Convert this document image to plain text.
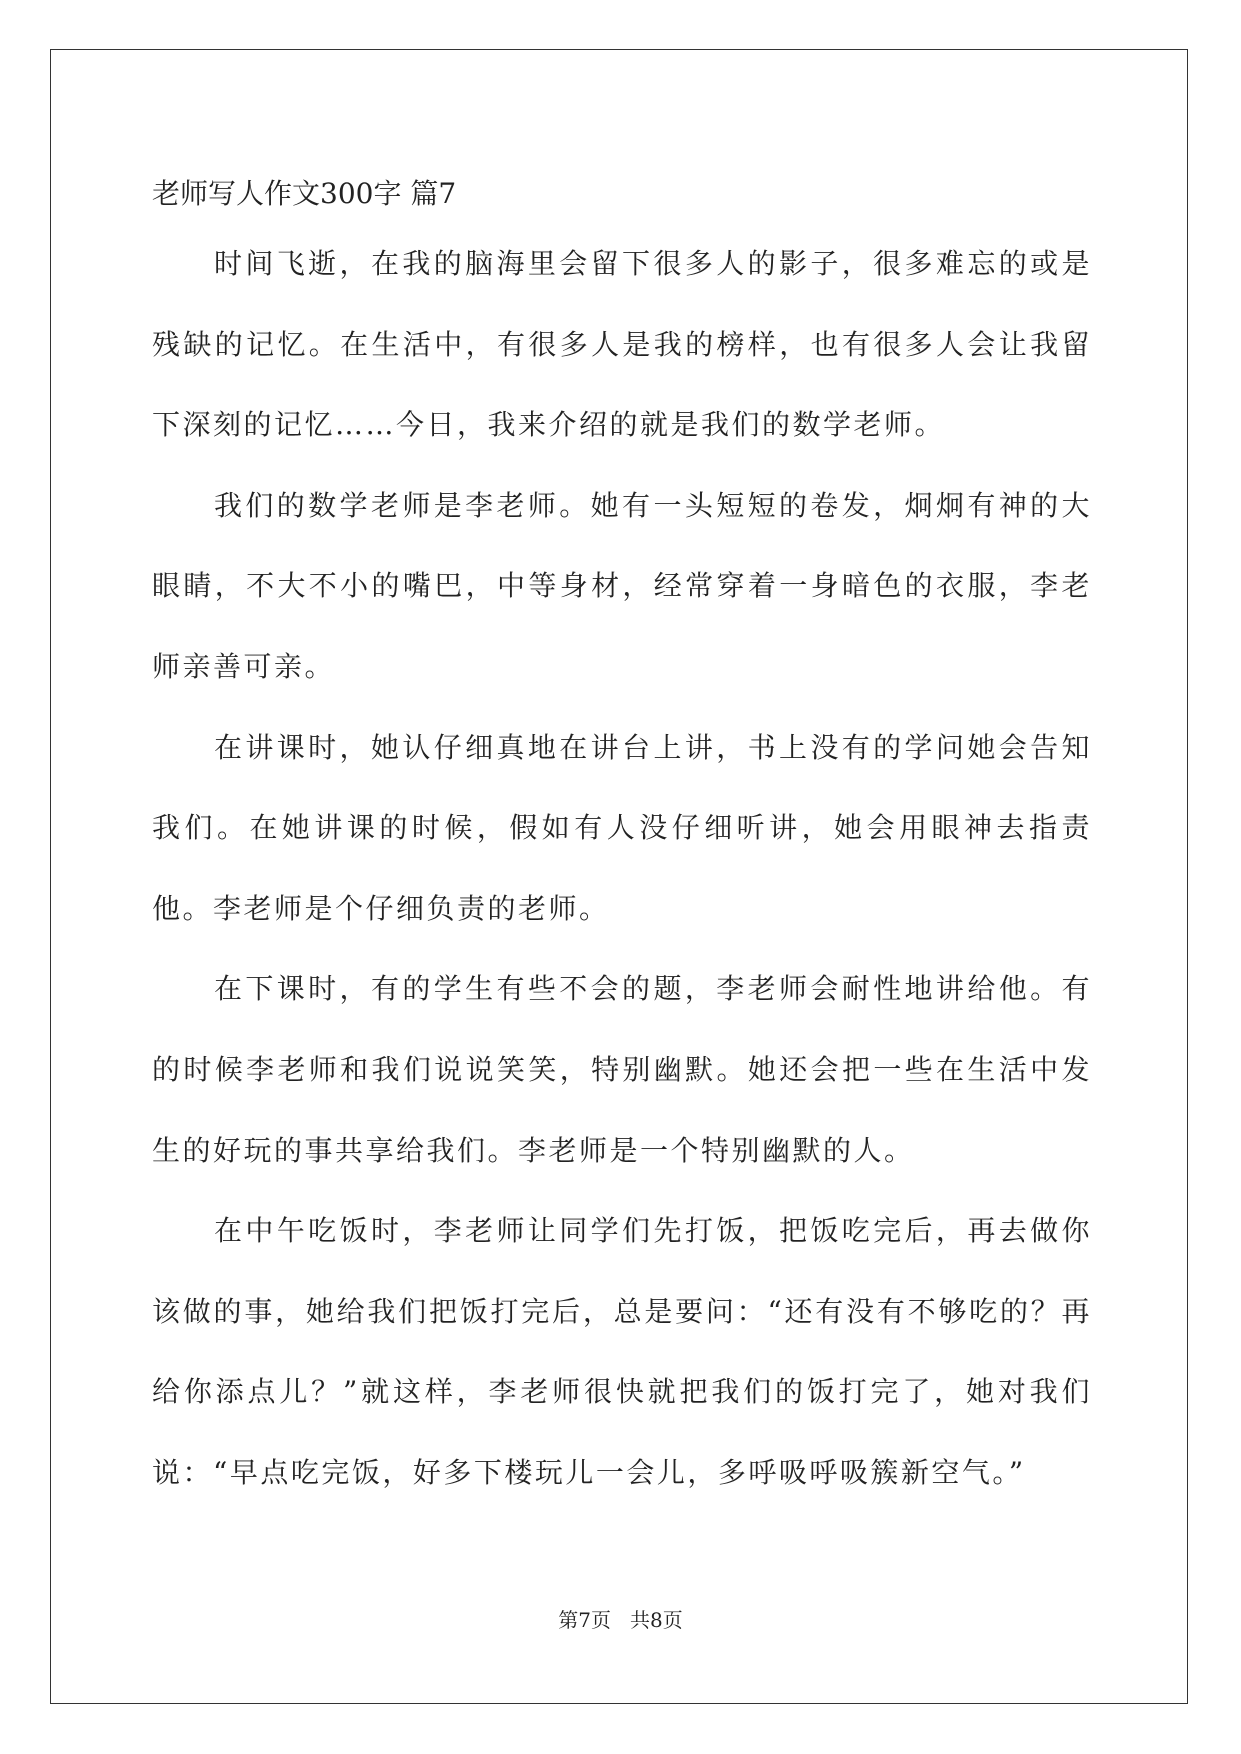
老师写人作文300字 篇7

时间飞逝，在我的脑海里会留下很多人的影子，很多难忘的或是残缺的记忆。在生活中，有很多人是我的榜样，也有很多人会让我留下深刻的记忆……今日，我来介绍的就是我们的数学老师。

我们的数学老师是李老师。她有一头短短的卷发，炯炯有神的大眼睛，不大不小的嘴巴，中等身材，经常穿着一身暗色的衣服，李老师亲善可亲。

在讲课时，她认仔细真地在讲台上讲，书上没有的学问她会告知我们。在她讲课的时候，假如有人没仔细听讲，她会用眼神去指责他。李老师是个仔细负责的老师。

在下课时，有的学生有些不会的题，李老师会耐性地讲给他。有的时候李老师和我们说说笑笑，特别幽默。她还会把一些在生活中发生的好玩的事共享给我们。李老师是一个特别幽默的人。

在中午吃饭时，李老师让同学们先打饭，把饭吃完后，再去做你该做的事，她给我们把饭打完后，总是要问：“还有没有不够吃的？再给你添点儿？”就这样，李老师很快就把我们的饭打完了，她对我们说：“早点吃完饭，好多下楼玩儿一会儿，多呼吸呼吸簇新空气。”

第7页   共8页
